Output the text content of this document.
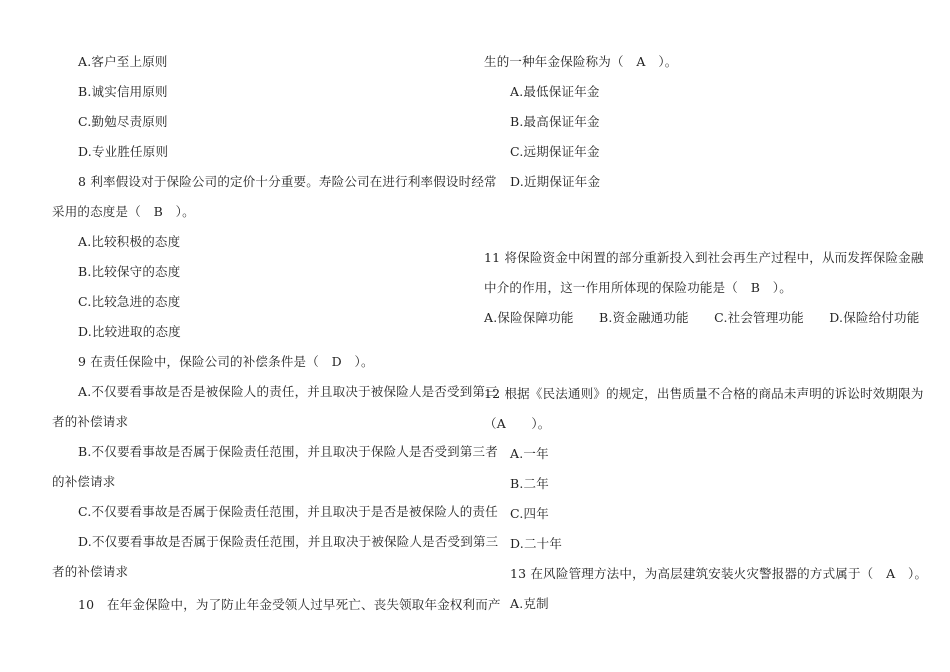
A.客户至上原则
B.诚实信用原则
C.勤勉尽责原则
D.专业胜任原则
8 利率假设对于保险公司的定价十分重要。寿险公司在进行利率假设时经常
采用的态度是（　B　）。
A.比较积极的态度
B.比较保守的态度
C.比较急进的态度
D.比较进取的态度
9 在责任保险中，保险公司的补偿条件是（　D　）。
A.不仅要看事故是否是被保险人的责任，并且取决于被保险人是否受到第三
者的补偿请求
B.不仅要看事故是否属于保险责任范围，并且取决于保险人是否受到第三者
的补偿请求
C.不仅要看事故是否属于保险责任范围，并且取决于是否是被保险人的责任
D.不仅要看事故是否属于保险责任范围，并且取决于被保险人是否受到第三
者的补偿请求
10　在年金保险中，为了防止年金受领人过早死亡、丧失领取年金权利而产
生的一种年金保险称为（　A　）。
A.最低保证年金
B.最高保证年金
C.远期保证年金
D.近期保证年金
11 将保险资金中闲置的部分重新投入到社会再生产过程中，从而发挥保险金融
中介的作用，这一作用所体现的保险功能是（　B　）。
A.保险保障功能　　B.资金融通功能　　C.社会管理功能　　D.保险给付功能
12 根据《民法通则》的规定，出售质量不合格的商品未声明的诉讼时效期限为
（A　　）。
A.一年
B.二年
C.四年
D.二十年
13 在风险管理方法中，为高层建筑安装火灾警报器的方式属于（　A　）。
A.克制
